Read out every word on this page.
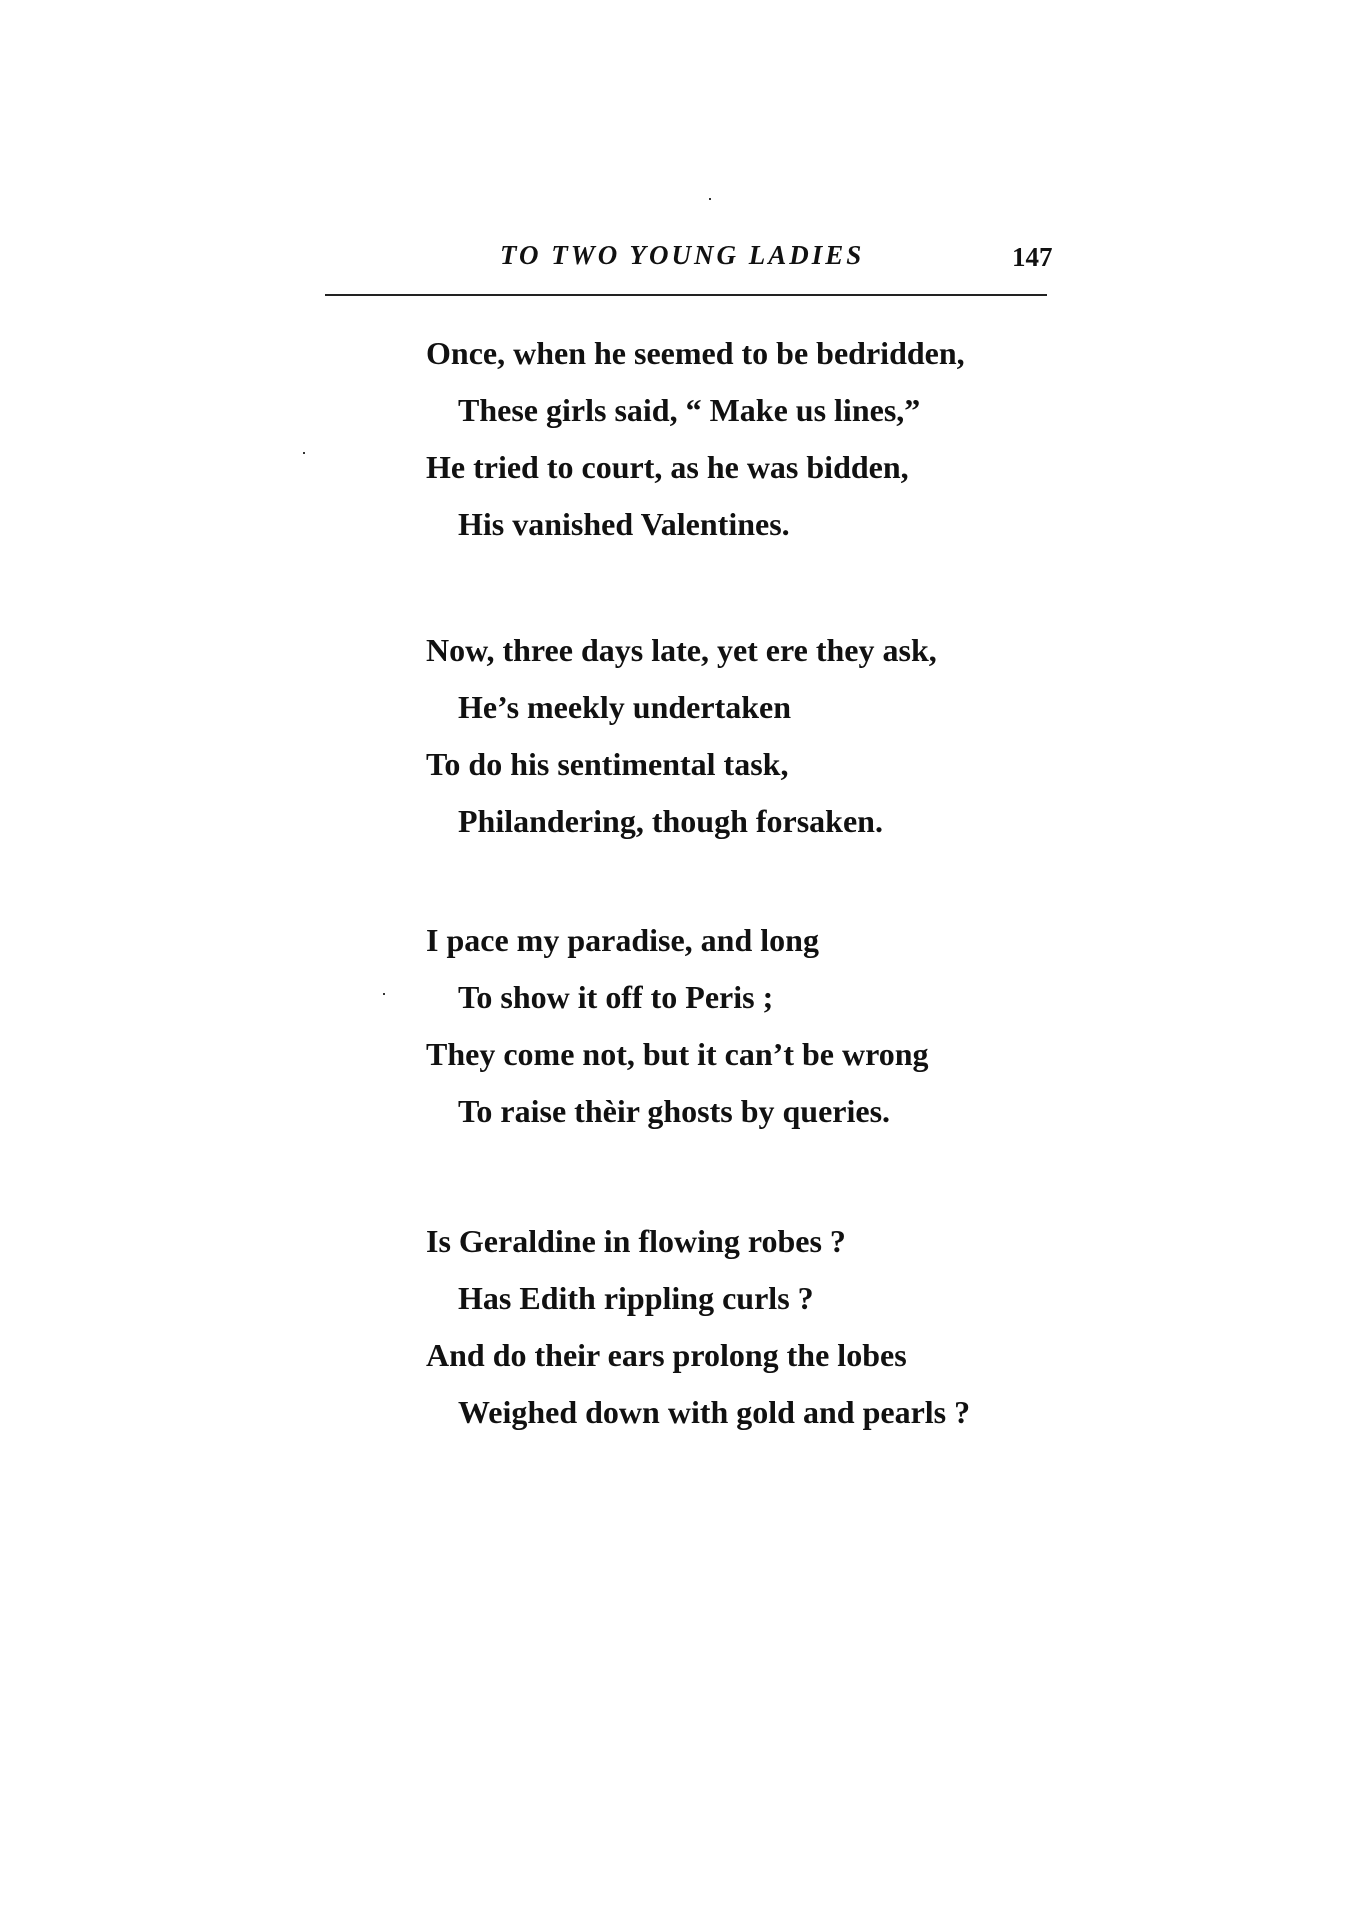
TO TWO YOUNG LADIES	147
Once, when he seemed to be bedridden,
These girls said, “ Make us lines,”
He tried to court, as he was bidden,
His vanished Valentines.
Now, three days late, yet ere they ask,
He’s meekly undertaken
To do his sentimental task,
Philandering, though forsaken.
I pace my paradise, and long
To show it off to Peris ;
They come not, but it can’t be wrong
To raise thèir ghosts by queries.
Is Geraldine in flowing robes ?
Has Edith rippling curls ?
And do their ears prolong the lobes
Weighed down with gold and pearls ?
